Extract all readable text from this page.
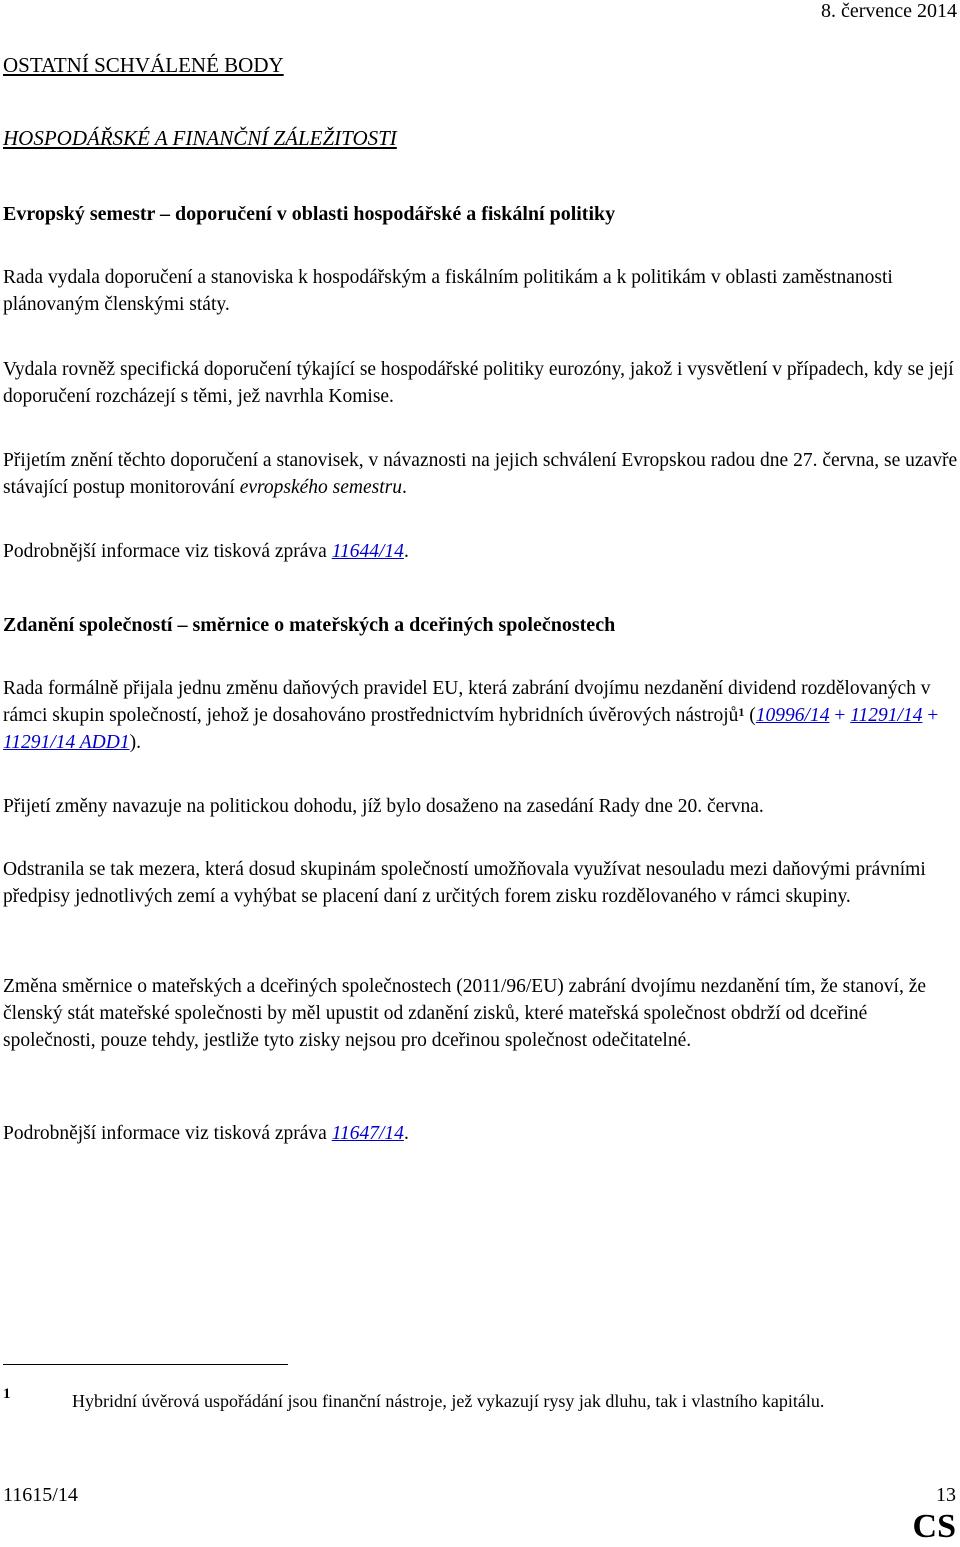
8. července 2014
OSTATNÍ SCHVÁLENÉ BODY
HOSPODÁŘSKÉ A FINANČNÍ ZÁLEŽITOSTI
Evropský semestr – doporučení v oblasti hospodářské a fiskální politiky

Rada vydala doporučení a stanoviska k hospodářským a fiskálním politikám a k politikám v oblasti zaměstnanosti plánovaným členskými státy.

Vydala rovněž specifická doporučení týkající se hospodářské politiky eurozóny, jakož i vysvětlení v případech, kdy se její doporučení rozcházejí s těmi, jež navrhla Komise.

Přijetím znění těchto doporučení a stanovisek, v návaznosti na jejich schválení Evropskou radou dne 27. června, se uzavře stávající postup monitorování evropského semestru.

Podrobnější informace viz tisková zpráva 11644/14.

Zdanění společností – směrnice o mateřských a dceřiných společnostech

Rada formálně přijala jednu změnu daňových pravidel EU, která zabrání dvojímu nezdanění dividend rozdělovaných v rámci skupin společností, jehož je dosahováno prostřednictvím hybridních úvěrových nástrojů$^1$ (10996/14 + 11291/14 + 11291/14 ADD1).

Přijetí změny navazuje na politickou dohodu, jíž bylo dosaženo na zasedání Rady dne 20. června.

Odstranila se tak mezera, která dosud skupinám společností umožňovala využívat nesouladu mezi daňovými právními předpisy jednotlivých zemí a vyhýbat se placení daní z určitých forem zisku rozdělovaného v rámci skupiny.

Změna směrnice o mateřských a dceřiných společnostech (2011/96/EU) zabrání dvojímu nezdanění tím, že stanoví, že členský stát mateřské společnosti by měl upustit od zdanění zisků, které mateřská společnost obdrží od dceřiné společnosti, pouze tehdy, jestliže tyto zisky nejsou pro dceřinou společnost odečitatelné.

Podrobnější informace viz tisková zpráva 11647/14.

1	Hybridní úvěrová uspořádání jsou finanční nástroje, jež vykazují rysy jak dluhu, tak i vlastního kapitálu.
11615/14	13
CS
